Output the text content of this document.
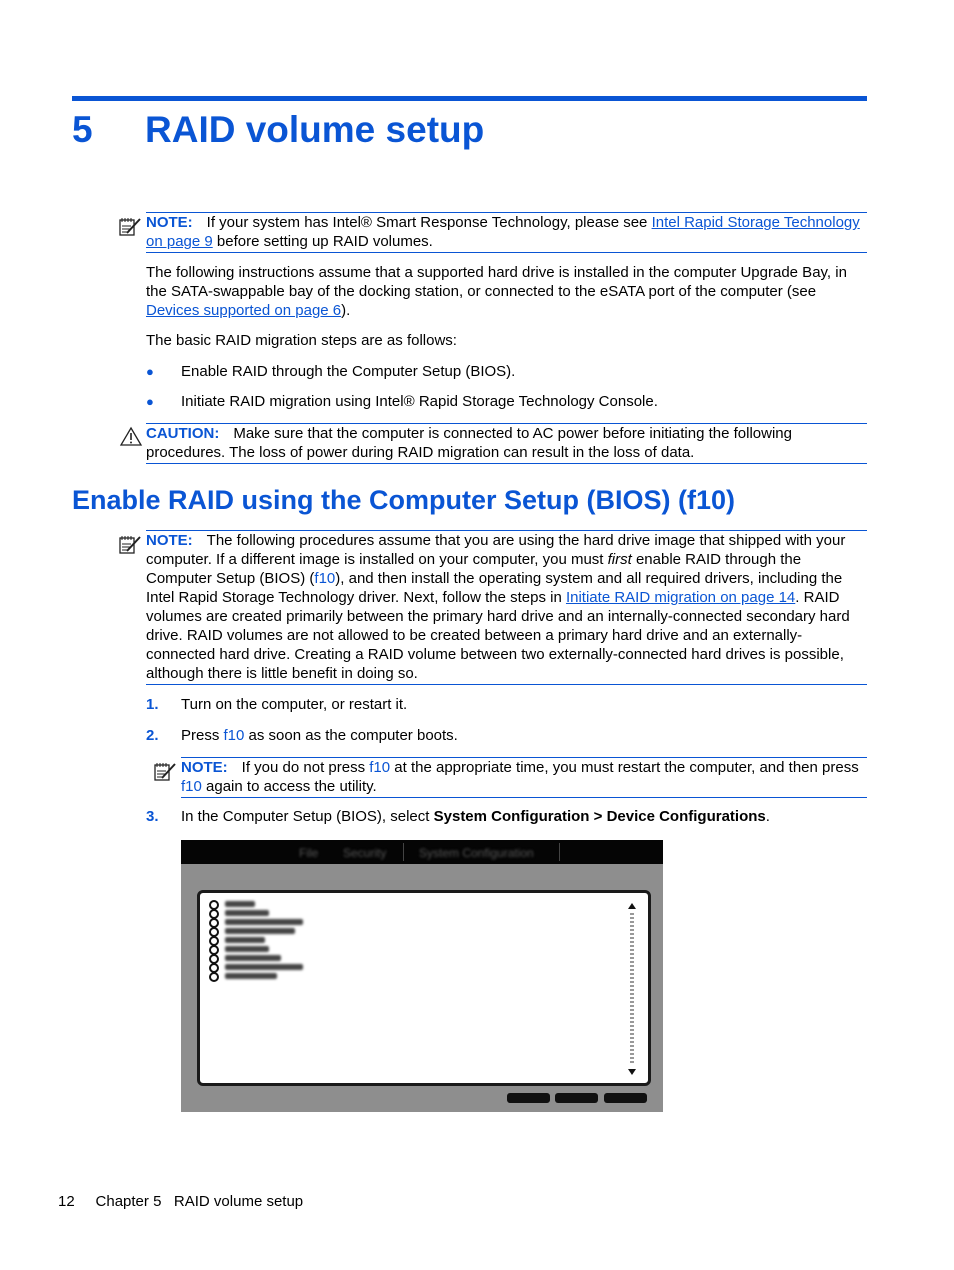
5 RAID volume setup
NOTE: If your system has Intel® Smart Response Technology, please see Intel Rapid Storage Technology on page 9 before setting up RAID volumes.
The following instructions assume that a supported hard drive is installed in the computer Upgrade Bay, in the SATA-swappable bay of the docking station, or connected to the eSATA port of the computer (see Devices supported on page 6).
The basic RAID migration steps are as follows:
● Enable RAID through the Computer Setup (BIOS).
● Initiate RAID migration using Intel® Rapid Storage Technology Console.
CAUTION: Make sure that the computer is connected to AC power before initiating the following procedures. The loss of power during RAID migration can result in the loss of data.
Enable RAID using the Computer Setup (BIOS) (f10)
NOTE: The following procedures assume that you are using the hard drive image that shipped with your computer. If a different image is installed on your computer, you must first enable RAID through the Computer Setup (BIOS) (f10), and then install the operating system and all required drivers, including the Intel Rapid Storage Technology driver. Next, follow the steps in Initiate RAID migration on page 14. RAID volumes are created primarily between the primary hard drive and an internally-connected secondary hard drive. RAID volumes are not allowed to be created between a primary hard drive and an externally- connected hard drive. Creating a RAID volume between two externally-connected hard drives is possible, although there is little benefit in doing so.
1. Turn on the computer, or restart it.
2. Press f10 as soon as the computer boots.
NOTE: If you do not press f10 at the appropriate time, you must restart the computer, and then press f10 again to access the utility.
3. In the Computer Setup (BIOS), select System Configuration > Device Configurations.
File Security	System Configuration
12 Chapter 5 RAID volume setup
